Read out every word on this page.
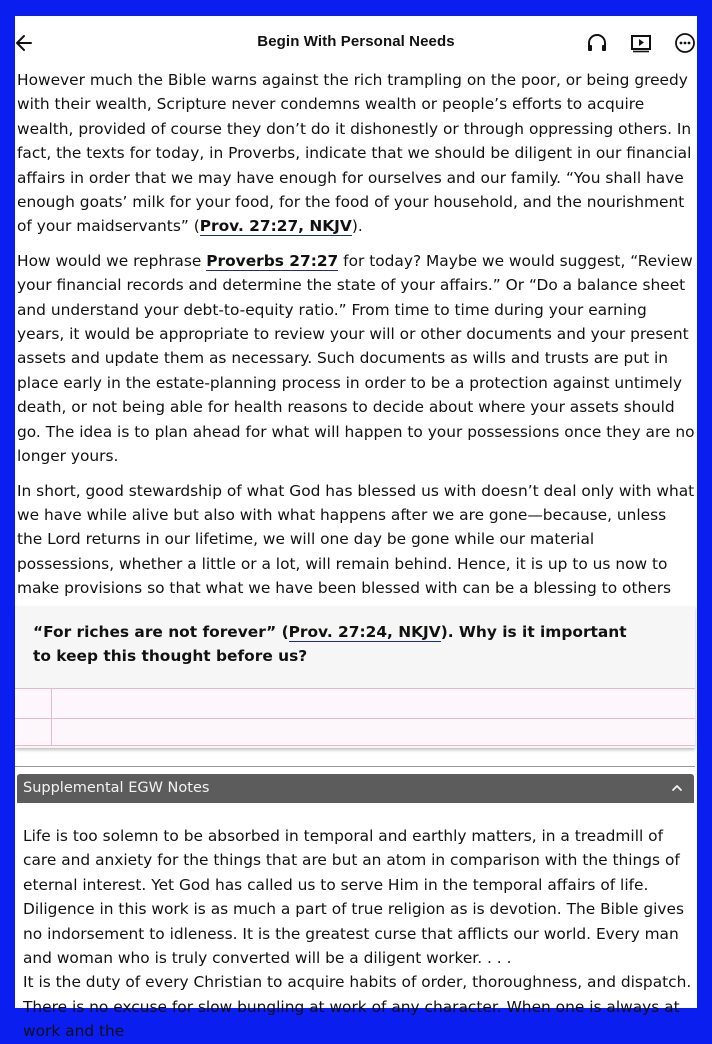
Begin With Personal Needs

However much the Bible warns against the rich trampling on the poor, or being greedy with their wealth, Scripture never condemns wealth or people’s efforts to acquire wealth, provided of course they don’t do it dishonestly or through oppressing others. In fact, the texts for today, in Proverbs, indicate that we should be diligent in our financial affairs in order that we may have enough for ourselves and our family. “You shall have enough goats’ milk for your food, for the food of your household, and the nourishment of your maidservants” (Prov. 27:27, NKJV).

How would we rephrase Proverbs 27:27 for today? Maybe we would suggest, “Review your financial records and determine the state of your affairs.” Or “Do a balance sheet and understand your debt-to-equity ratio.” From time to time during your earning years, it would be appropriate to review your will or other documents and your present assets and update them as necessary. Such documents as wills and trusts are put in place early in the estate-planning process in order to be a protection against untimely death, or not being able for health reasons to decide about where your assets should go. The idea is to plan ahead for what will happen to your possessions once they are no longer yours.

In short, good stewardship of what God has blessed us with doesn’t deal only with what we have while alive but also with what happens after we are gone—because, unless the Lord returns in our lifetime, we will one day be gone while our material possessions, whether a little or a lot, will remain behind. Hence, it is up to us now to make provisions so that what we have been blessed with can be a blessing to others

“For riches are not forever” (Prov. 27:24, NKJV). Why is it important to keep this thought before us?
Supplemental EGW Notes

Life is too solemn to be absorbed in temporal and earthly matters, in a treadmill of care and anxiety for the things that are but an atom in comparison with the things of eternal interest. Yet God has called us to serve Him in the temporal affairs of life. Diligence in this work is as much a part of true religion as is devotion. The Bible gives no indorsement to idleness. It is the greatest curse that afflicts our world. Every man and woman who is truly converted will be a diligent worker. . . .

It is the duty of every Christian to acquire habits of order, thoroughness, and dispatch. There is no excuse for slow bungling at work of any character. When one is always at work and the
